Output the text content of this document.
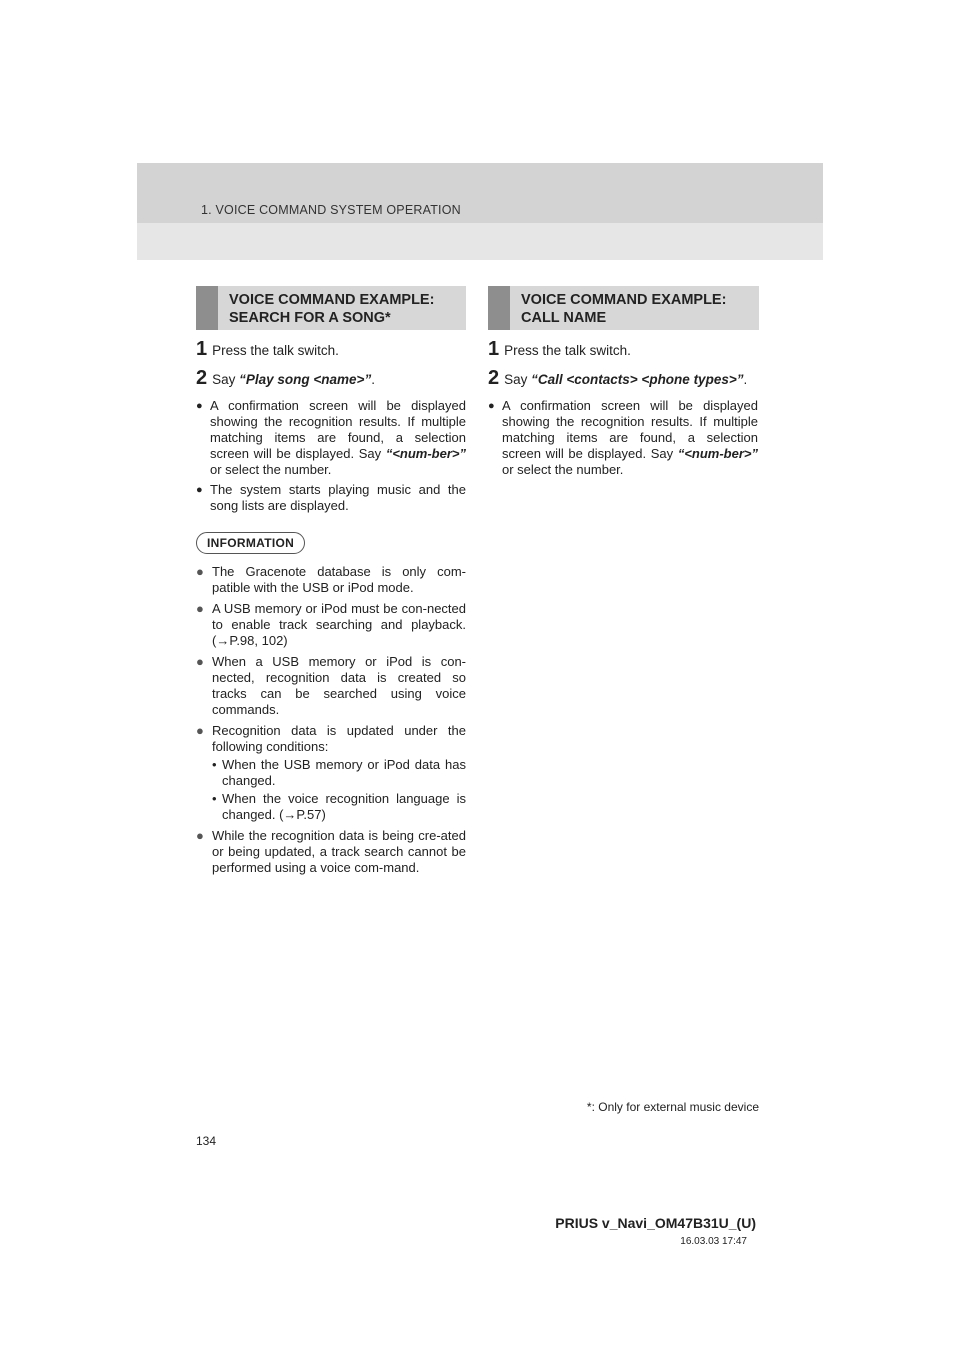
1. VOICE COMMAND SYSTEM OPERATION
VOICE COMMAND EXAMPLE:
SEARCH FOR A SONG*
VOICE COMMAND EXAMPLE:
CALL NAME
1 Press the talk switch.
2 Say “Play song <name>”.
● A confirmation screen will be displayed showing the recognition results. If multiple matching items are found, a selection screen will be displayed. Say “<num-ber>” or select the number.
● The system starts playing music and the song lists are displayed.
INFORMATION
● The Gracenote database is only com-patible with the USB or iPod mode.
● A USB memory or iPod must be con-nected to enable track searching and playback. (→P.98, 102)
● When a USB memory or iPod is con-nected, recognition data is created so tracks can be searched using voice commands.
● Recognition data is updated under the following conditions:
• When the USB memory or iPod data has changed.
• When the voice recognition language is changed. (→P.57)
● While the recognition data is being cre-ated or being updated, a track search cannot be performed using a voice com-mand.
1 Press the talk switch.
2 Say “Call <contacts> <phone types>”.
● A confirmation screen will be displayed showing the recognition results. If multiple matching items are found, a selection screen will be displayed. Say “<num-ber>” or select the number.
*: Only for external music device
134
PRIUS v_Navi_OM47B31U_(U)
16.03.03 17:47
